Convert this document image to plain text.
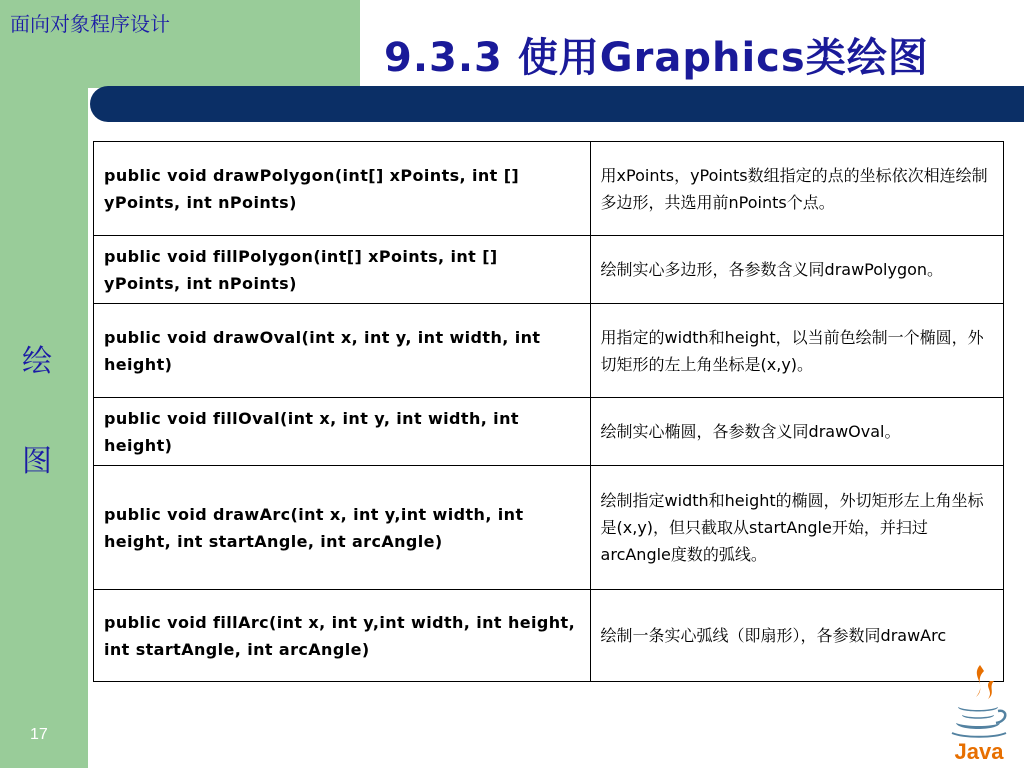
面向对象程序设计
9.3.3 使用Graphics类绘图
绘
图
17
public void drawPolygon(int[] xPoints, int [] yPoints, int nPoints)	用xPoints，yPoints数组指定的点的坐标依次相连绘制多边形，共选用前nPoints个点。
public void fillPolygon(int[] xPoints, int [] yPoints, int nPoints)	绘制实心多边形，各参数含义同drawPolygon。
public void drawOval(int x, int y, int width, int height)	用指定的width和height，以当前色绘制一个椭圆，外切矩形的左上角坐标是(x,y)。
public void fillOval(int x, int y, int width, int height)	绘制实心椭圆，各参数含义同drawOval。
public void drawArc(int x, int y,int width, int height, int startAngle, int arcAngle)	绘制指定width和height的椭圆，外切矩形左上角坐标是(x,y)，但只截取从startAngle开始，并扫过arcAngle度数的弧线。
public void fillArc(int x, int y,int width, int height, int startAngle, int arcAngle)	绘制一条实心弧线（即扇形），各参数同drawArc
Java
